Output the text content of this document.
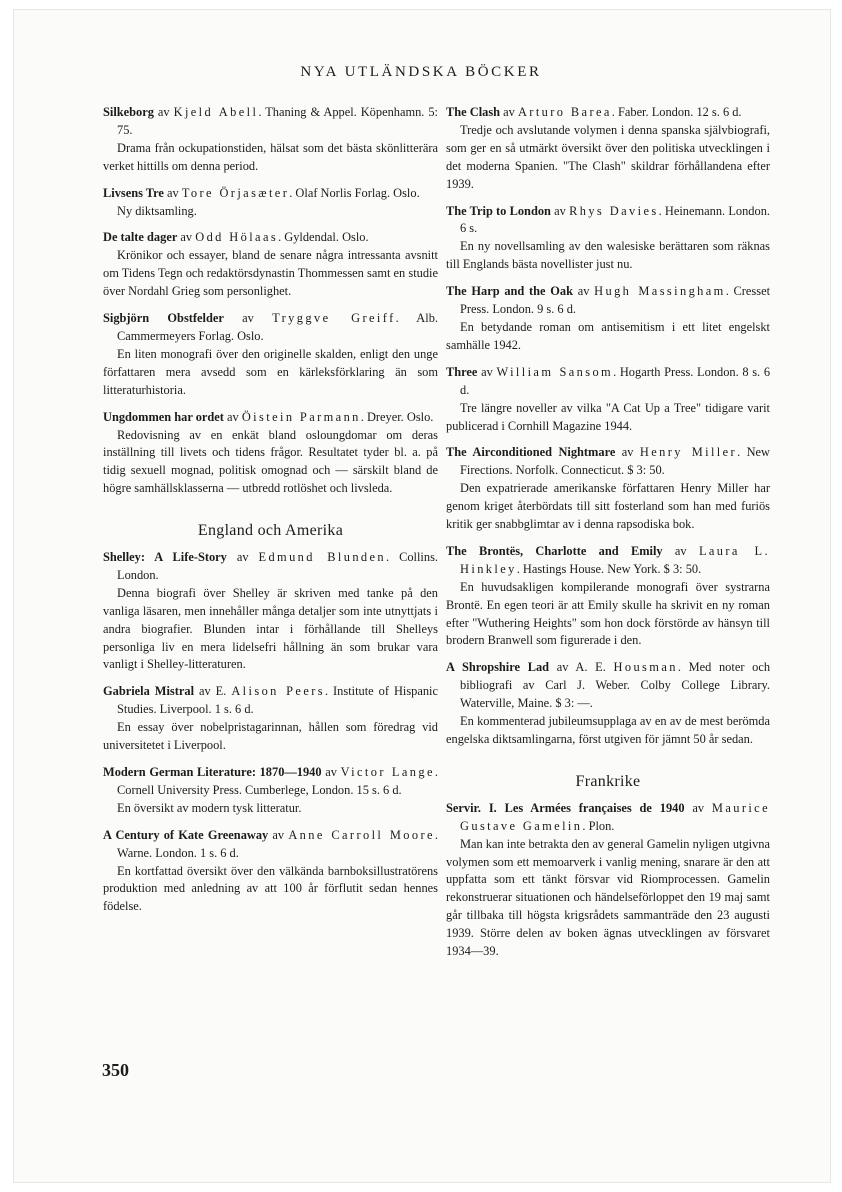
NYA UTLÄNDSKA BÖCKER
Silkeborg av Kjeld Abell. Thaning & Appel. Köpenhamn. 5: 75.
Drama från ockupationstiden, hälsat som det bästa skönlitterära verket hittills om denna period.
Livsens Tre av Tore Örjasæter. Olaf Norlis Forlag. Oslo.
Ny diktsamling.
De talte dager av Odd Hölaas. Gyldendal. Oslo.
Krönikor och essayer, bland de senare några intressanta avsnitt om Tidens Tegn och redaktörsdynastin Thommessen samt en studie över Nordahl Grieg som personlighet.
Sigbjörn Obstfelder av Tryggve Greiff. Alb. Cammermeyers Forlag. Oslo.
En liten monografi över den originelle skalden, enligt den unge författaren mera avsedd som en kärleksförklaring än som litteraturhistoria.
Ungdommen har ordet av Öistein Parmann. Dreyer. Oslo.
Redovisning av en enkät bland osloungdomar om deras inställning till livets och tidens frågor. Resultatet tyder bl. a. på tidig sexuell mognad, politisk omognad och — särskilt bland de högre samhällsklasserna — utbredd rotlöshet och livsleda.
England och Amerika
Shelley: A Life-Story av Edmund Blunden. Collins. London.
Denna biografi över Shelley är skriven med tanke på den vanliga läsaren, men innehåller många detaljer som inte utnyttjats i andra biografier. Blunden intar i förhållande till Shelleys personliga liv en mera lidelsefri hållning än som brukar vara vanligt i Shelley-litteraturen.
Gabriela Mistral av E. Alison Peers. Institute of Hispanic Studies. Liverpool. 1 s. 6 d.
En essay över nobelpristagarinnan, hållen som föredrag vid universitetet i Liverpool.
Modern German Literature: 1870—1940 av Victor Lange. Cornell University Press. Cumberlege, London. 15 s. 6 d.
En översikt av modern tysk litteratur.
A Century of Kate Greenaway av Anne Carroll Moore. Warne. London. 1 s. 6 d.
En kortfattad översikt över den välkända barnboksillustratörens produktion med anledning av att 100 år förflutit sedan hennes födelse.
The Clash av Arturo Barea. Faber. London. 12 s. 6 d.
Tredje och avslutande volymen i denna spanska självbiografi, som ger en så utmärkt översikt över den politiska utvecklingen i det moderna Spanien. "The Clash" skildrar förhållandena efter 1939.
The Trip to London av Rhys Davies. Heinemann. London. 6 s.
En ny novellsamling av den walesiske berättaren som räknas till Englands bästa novellister just nu.
The Harp and the Oak av Hugh Massingham. Cresset Press. London. 9 s. 6 d.
En betydande roman om antisemitism i ett litet engelskt samhälle 1942.
Three av William Sansom. Hogarth Press. London. 8 s. 6 d.
Tre längre noveller av vilka "A Cat Up a Tree" tidigare varit publicerad i Cornhill Magazine 1944.
The Airconditioned Nightmare av Henry Miller. New Firections. Norfolk. Connecticut. $ 3: 50.
Den expatrierade amerikanske författaren Henry Miller har genom kriget återbördats till sitt fosterland som han med furiös kritik ger snabbglimtar av i denna rapsodiska bok.
The Brontës, Charlotte and Emily av Laura L. Hinkley. Hastings House. New York. $ 3: 50.
En huvudsakligen kompilerande monografi över systrarna Brontë. En egen teori är att Emily skulle ha skrivit en ny roman efter "Wuthering Heights" som hon dock förstörde av hänsyn till brodern Branwell som figurerade i den.
A Shropshire Lad av A. E. Housman. Med noter och bibliografi av Carl J. Weber. Colby College Library. Waterville, Maine. $ 3: —.
En kommenterad jubileumsupplaga av en av de mest berömda engelska diktsamlingarna, först utgiven för jämnt 50 år sedan.
Frankrike
Servir. I. Les Armées françaises de 1940 av Maurice Gustave Gamelin. Plon.
Man kan inte betrakta den av general Gamelin nyligen utgivna volymen som ett memoarverk i vanlig mening, snarare är den att uppfatta som ett tänkt försvar vid Riomprocessen. Gamelin rekonstruerar situationen och händelseförloppet den 19 maj samt går tillbaka till högsta krigsrådets sammanträde den 23 augusti 1939. Större delen av boken ägnas utvecklingen av försvaret 1934—39.
350
